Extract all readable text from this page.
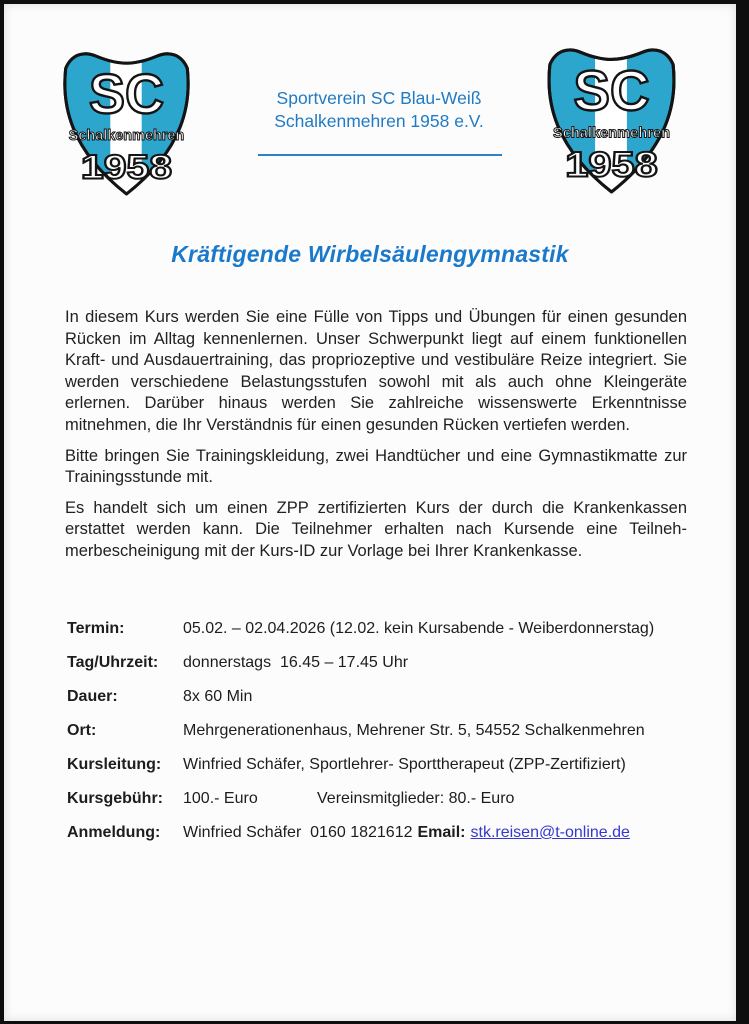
SC
Schalkenmehren
1958
SC
Schalkenmehren
1958
Sportverein SC Blau-Weiß
Schalkenmehren 1958 e.V.
Kräftigende Wirbelsäulengymnastik

In diesem Kurs werden Sie eine Fülle von Tipps und Übungen für einen gesunden Rücken im Alltag kennenlernen. Unser Schwerpunkt liegt auf einem funktionellen Kraft- und Ausdauertraining, das propriozeptive und vestibuläre Reize integriert. Sie werden verschiedene Belastungsstufen sowohl mit als auch ohne Kleingeräte erlernen. Darüber hinaus werden Sie zahlreiche wissenswerte Erkenntnisse mitnehmen, die Ihr Verständnis für einen gesunden Rücken vertiefen werden.

Bitte bringen Sie Trainingskleidung, zwei Handtücher und eine Gymnastikmatte zur Trainingsstunde mit.

Es handelt sich um einen ZPP zertifizierten Kurs der durch die Krankenkassen erstattet werden kann. Die Teilnehmer erhalten nach Kursende eine Teilnehmerbescheinigung mit der Kurs-ID zur Vorlage bei Ihrer Krankenkasse.

Termin:	05.02. – 02.04.2026 (12.02. kein Kursabende - Weiberdonnerstag)
Tag/Uhrzeit:	donnerstags  16.45 – 17.45 Uhr
Dauer:	8x 60 Min
Ort:	Mehrgenerationenhaus, Mehrener Str. 5, 54552 Schalkenmehren
Kursleitung:	Winfried Schäfer, Sportlehrer- Sporttherapeut (ZPP-Zertifiziert)
Kursgebühr:	100.- Euro	Vereinsmitglieder: 80.- Euro
Anmeldung:	Winfried Schäfer  0160 1821612 Email: stk.reisen@t-online.de
